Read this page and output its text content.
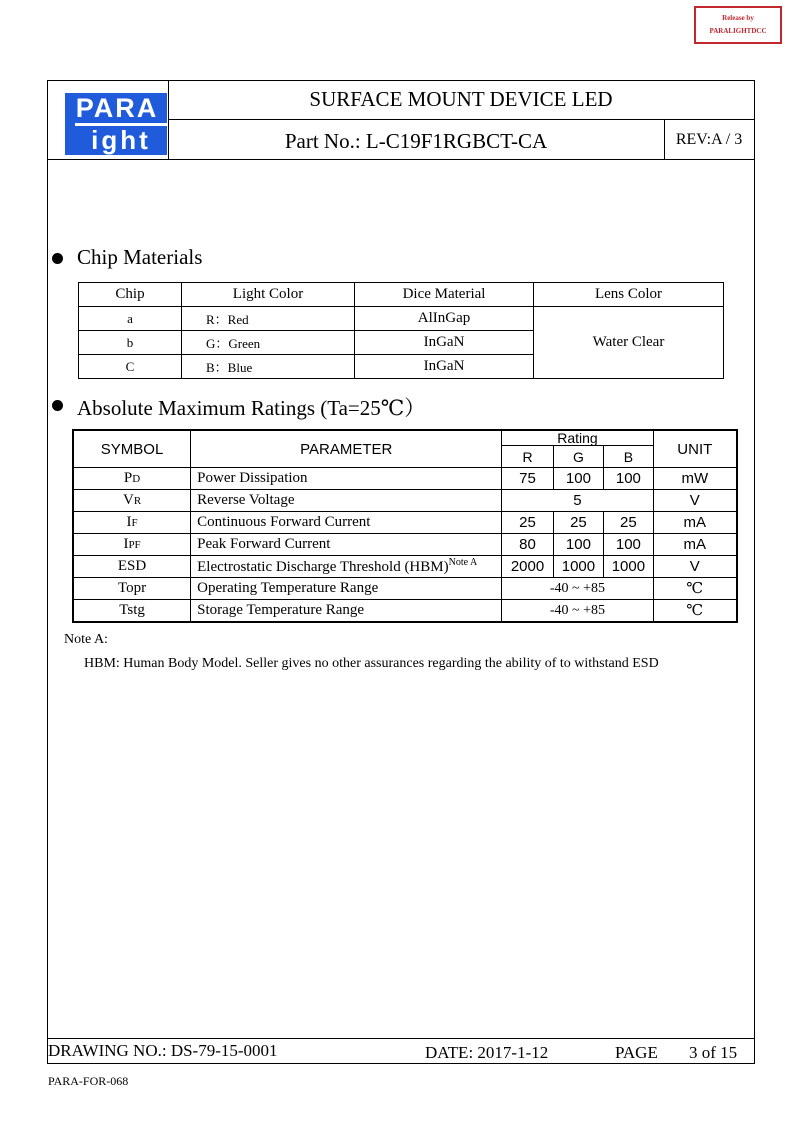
Release by
PARALIGHTDCC
PARA
ight
SURFACE MOUNT DEVICE LED
Part No.: L-C19F1RGBCT-CA	REV:A / 3
Chip Materials
Chip	Light Color	Dice Material	Lens Color
a	R：Red	AlInGap	Water Clear
b	G：Green	InGaN	
C	B：Blue	InGaN	
Absolute Maximum Ratings (Ta=25℃）
SYMBOL	PARAMETER	Rating			UNIT
		R	G	B	
PD	Power Dissipation	75	100	100	mW
VR	Reverse Voltage	5			V
IF	Continuous Forward Current	25	25	25	mA
IPF	Peak Forward Current	80	100	100	mA
ESD	Electrostatic Discharge Threshold (HBM)$^{Note A}$	2000	1000	1000	V
Topr	Operating Temperature Range	-40 ~ +85			℃
Tstg	Storage Temperature Range	-40 ~ +85			℃
Note A:
HBM: Human Body Model. Seller gives no other assurances regarding the ability of to withstand ESD
DRAWING NO.: DS-79-15-0001	DATE: 2017-1-12	PAGE 3 of 15
PARA-FOR-068
